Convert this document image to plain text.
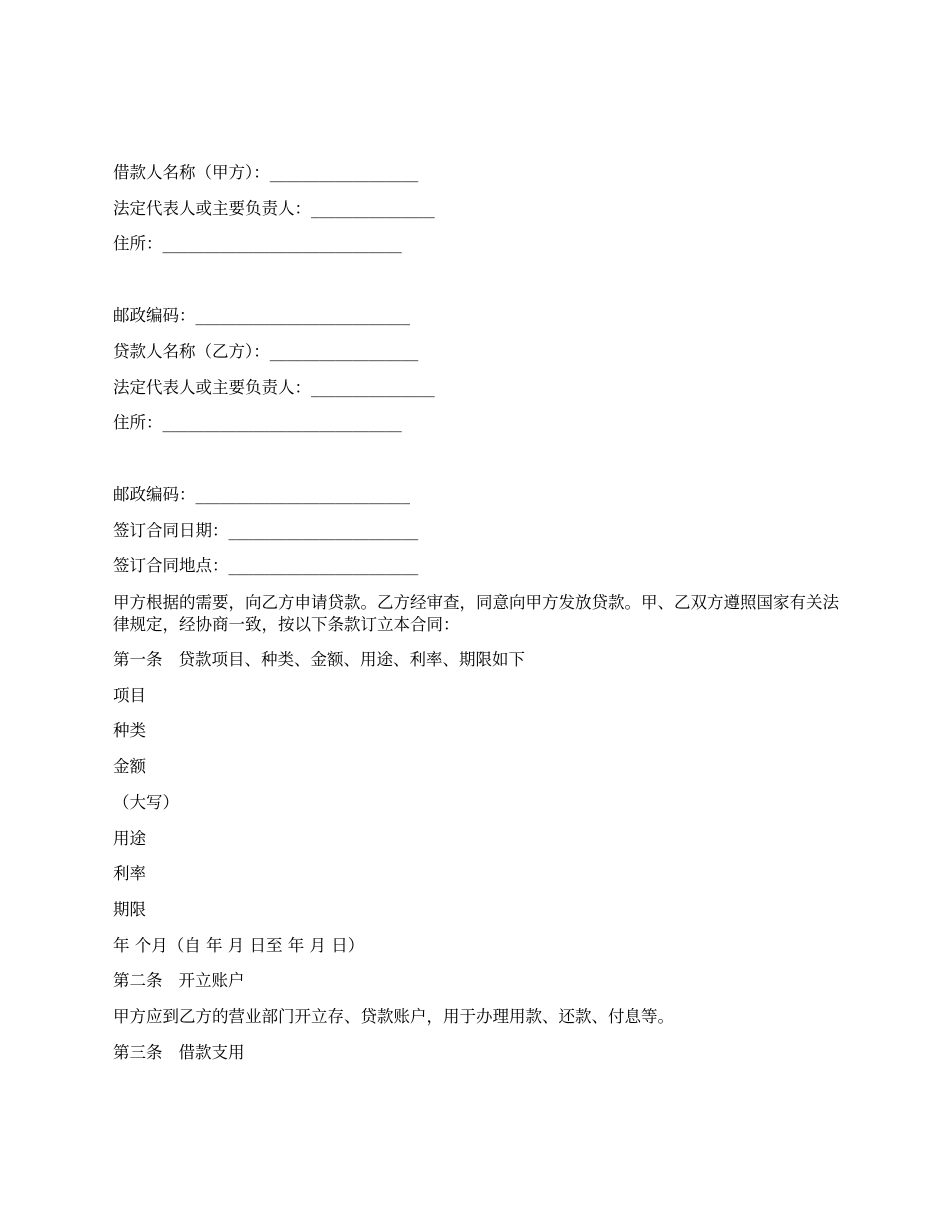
借款人名称（甲方）：__________________
法定代表人或主要负责人：_______________
住所：_____________________________
邮政编码：__________________________
贷款人名称（乙方）：__________________
法定代表人或主要负责人：_______________
住所：_____________________________
邮政编码：__________________________
签订合同日期：_______________________
签订合同地点：_______________________
甲方根据的需要，向乙方申请贷款。乙方经审查，同意向甲方发放贷款。甲、乙双方遵照国家有关法律规定，经协商一致，按以下条款订立本合同：
第一条 贷款项目、种类、金额、用途、利率、期限如下
项目
种类
金额
（大写）
用途
利率
期限
年 个月（自 年 月 日至 年 月 日）
第二条 开立账户
甲方应到乙方的营业部门开立存、贷款账户，用于办理用款、还款、付息等。
第三条 借款支用
